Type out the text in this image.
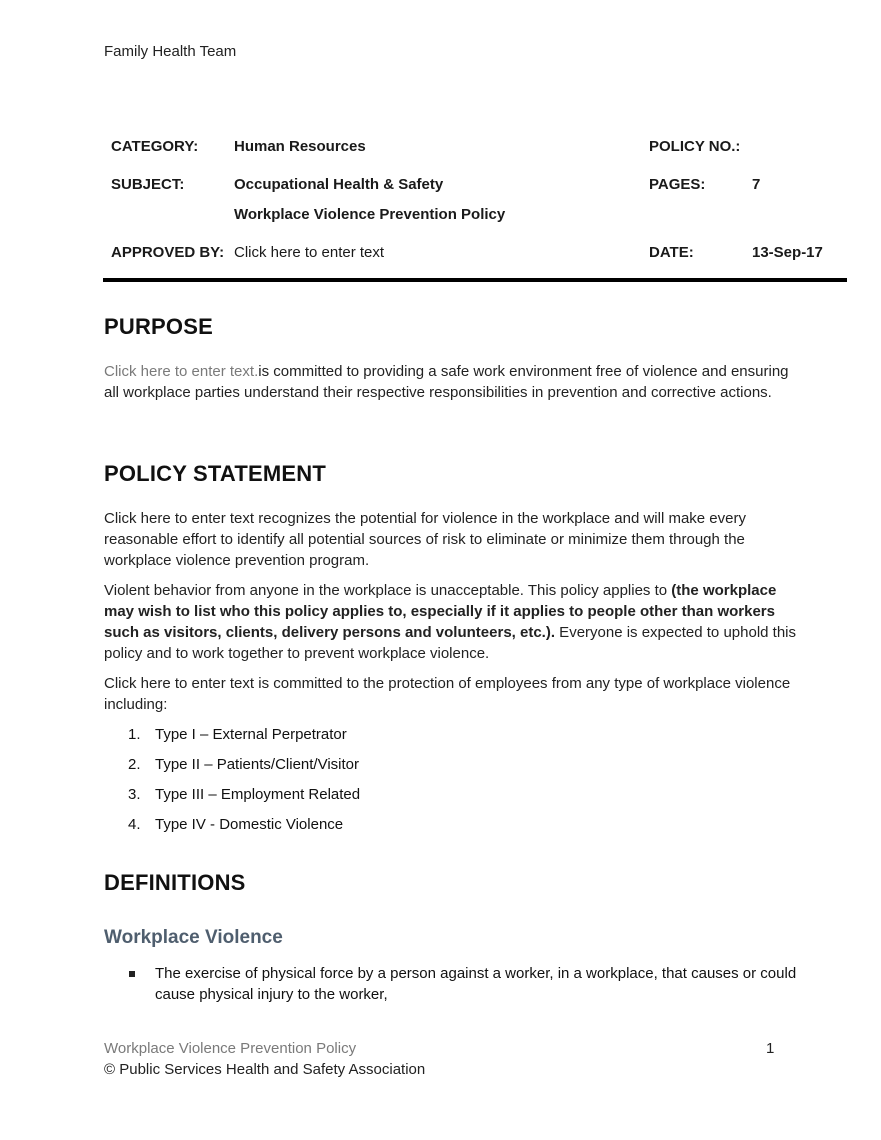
Family Health Team
CATEGORY: Human Resources	POLICY NO.:
SUBJECT:	Occupational Health & Safety	PAGES:	7
Workplace Violence Prevention Policy
APPROVED BY: Click here to enter text	DATE:	13-Sep-17
PURPOSE
Click here to enter text.is committed to providing a safe work environment free of violence and ensuring all workplace parties understand their respective responsibilities in prevention and corrective actions.
POLICY STATEMENT
Click here to enter text recognizes the potential for violence in the workplace and will make every reasonable effort to identify all potential sources of risk to eliminate or minimize them through the workplace violence prevention program.
Violent behavior from anyone in the workplace is unacceptable. This policy applies to (the workplace may wish to list who this policy applies to, especially if it applies to people other than workers such as visitors, clients, delivery persons and volunteers, etc.). Everyone is expected to uphold this policy and to work together to prevent workplace violence.
Click here to enter text is committed to the protection of employees from any type of workplace violence including:
1. Type I – External Perpetrator
2. Type II – Patients/Client/Visitor
3. Type III – Employment Related
4. Type IV - Domestic Violence
DEFINITIONS
Workplace Violence
The exercise of physical force by a person against a worker, in a workplace, that causes or could cause physical injury to the worker,
Workplace Violence Prevention Policy
© Public Services Health and Safety Association
1
